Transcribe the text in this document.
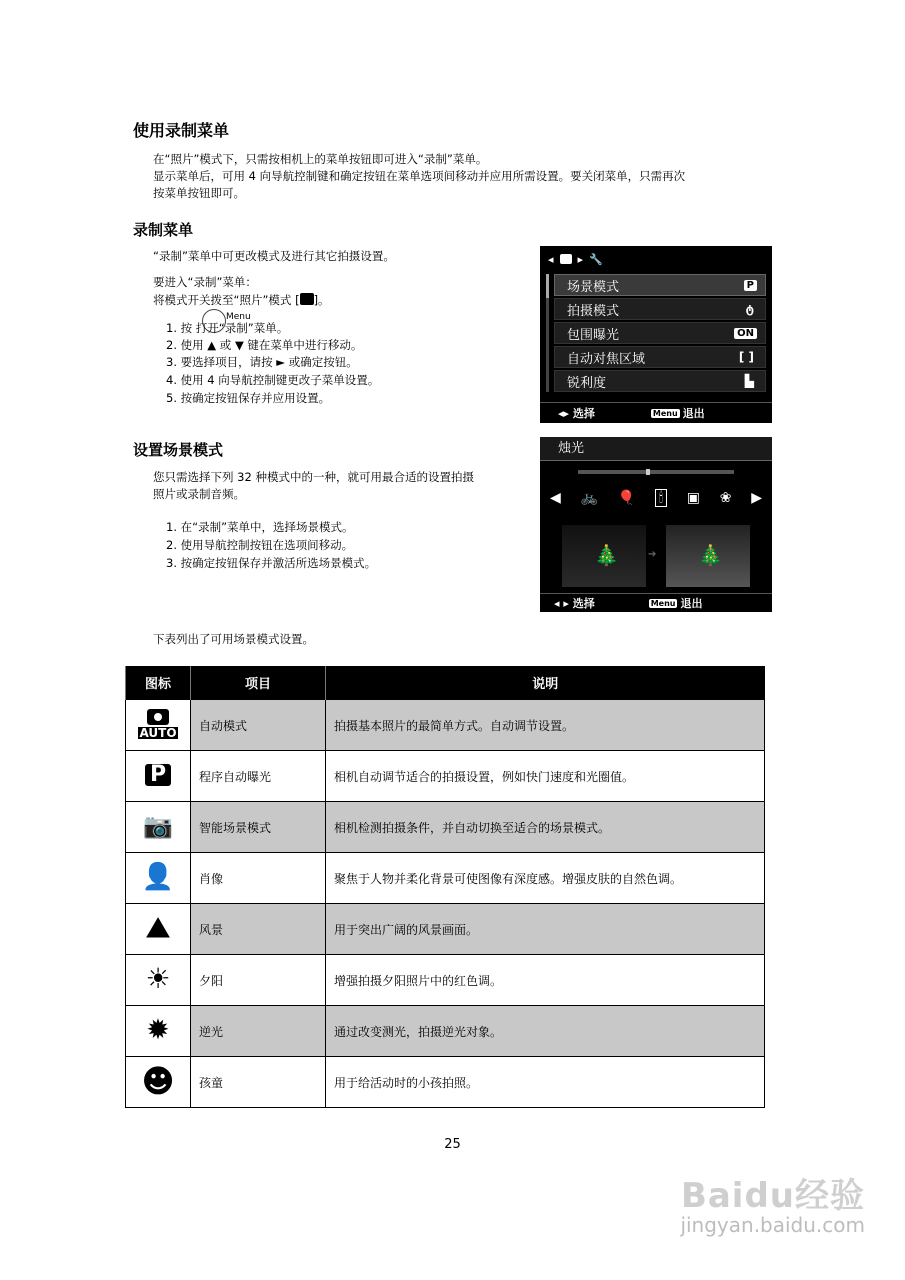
使用录制菜单
在“照片”模式下，只需按相机上的菜单按钮即可进入“录制”菜单。
显示菜单后，可用 4 向导航控制键和确定按钮在菜单选项间移动并应用所需设置。要关闭菜单，只需再次
按菜单按钮即可。
录制菜单
“录制”菜单中可更改模式及进行其它拍摄设置。
要进入“录制”菜单：
将模式开关拨至“照片”模式 [ ]。
Menu
1. 按 打开“录制”菜单。
2. 使用 ▲ 或 ▼ 键在菜单中进行移动。
3. 要选择项目，请按 ► 或确定按钮。
4. 使用 4 向导航控制键更改子菜单设置。
5. 按确定按钮保存并应用设置。
◂ ▸ 🔧
场景模式	P
拍摄模式	ტ
包围曝光	ON
自动对焦区域	[ ]
锐利度	▙
◂▸ 选择	Menu 退出
设置场景模式
您只需选择下列 32 种模式中的一种，就可用最合适的设置拍摄
照片或录制音频。
1. 在“录制”菜单中，选择场景模式。
2. 使用导航控制按钮在选项间移动。
3. 按确定按钮保存并激活所选场景模式。
烛光
◀ 🚲 🎈 🕯 ▣ ❀ ▶
🎄	➔ 🎄
◂ ▸ 选择	Menu 退出
下表列出了可用场景模式设置。
图标	项目	说明

AUTO	自动模式	拍摄基本照片的最简单方式。自动调节设置。

P	程序自动曝光	相机自动调节适合的拍摄设置，例如快门速度和光圈值。

📷	智能场景模式	相机检测拍摄条件，并自动切换至适合的场景模式。

👤	肖像	聚焦于人物并柔化背景可使图像有深度感。增强皮肤的自然色调。

⛰	风景	用于突出广阔的风景画面。

☀	夕阳	增强拍摄夕阳照片中的红色调。

✹	逆光	通过改变测光，拍摄逆光对象。

☻	孩童	用于给活动时的小孩拍照。
25
Baidu经验
jingyan.baidu.com
